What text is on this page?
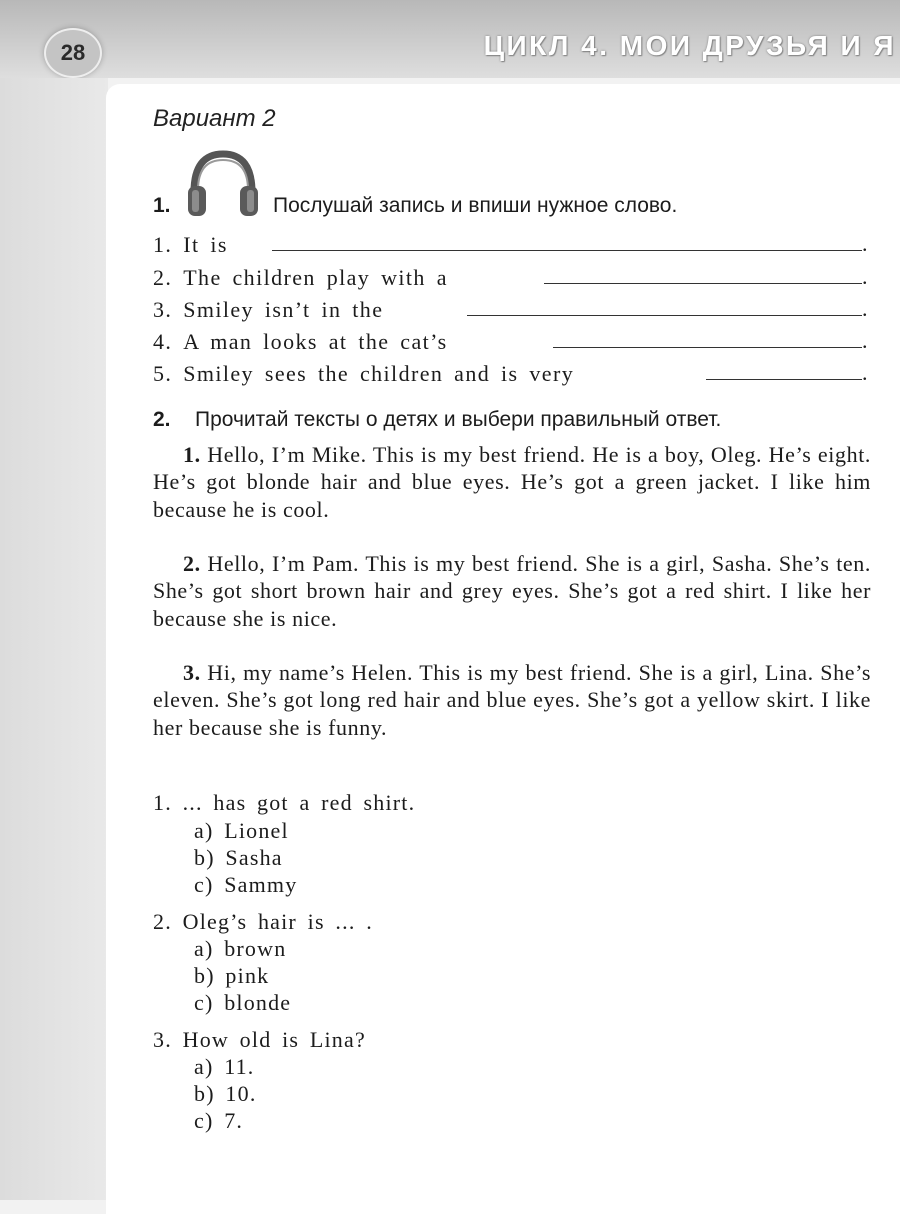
28	ЦИКЛ 4. МОИ ДРУЗЬЯ И Я
Вариант 2
1.	Послушай запись и впиши нужное слово.
1.
It is	.
2.
The children play with a	.
3.
Smiley isn’t in the	.
4.
A man looks at the cat’s	.
5.
Smiley sees the children and is very	.
2. Прочитай тексты о детях и выбери правильный ответ.
1. Hello, I’m Mike. This is my best friend. He is a boy, Oleg. He’s eight. He’s got blonde hair and blue eyes. He’s got a green jacket. I like him because he is cool.
2. Hello, I’m Pam. This is my best friend. She is a girl, Sasha. She’s ten. She’s got short brown hair and grey eyes. She’s got a red shirt. I like her because she is nice.
3. Hi, my name’s Helen. This is my best friend. She is a girl, Lina. She’s eleven. She’s got long red hair and blue eyes. She’s got a yellow skirt. I like her because she is funny.
1. ... has got a red shirt.
a) Lionel
b) Sasha
c) Sammy
2. Oleg’s hair is ... .
a) brown
b) pink
c) blonde
3. How old is Lina?
a) 11.
b) 10.
c) 7.
